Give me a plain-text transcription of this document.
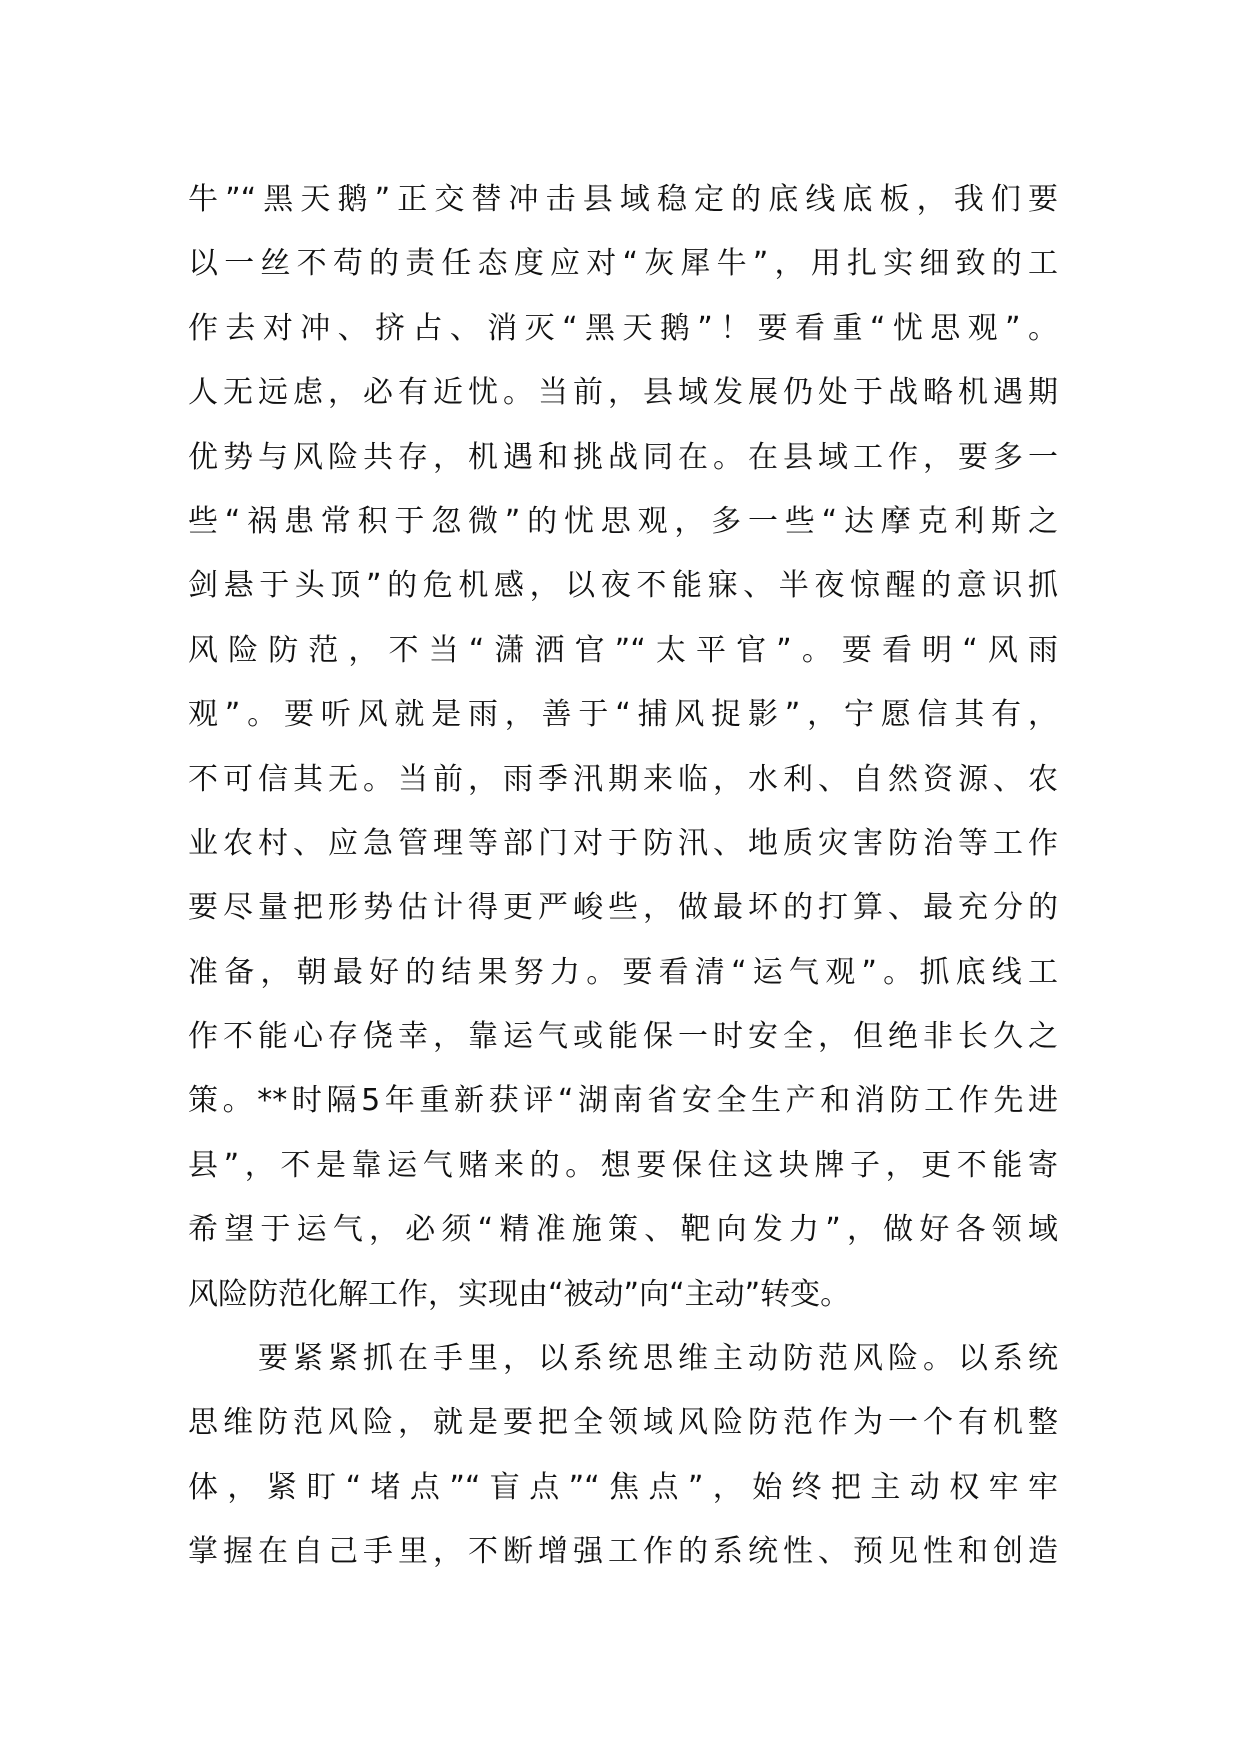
牛”“黑天鹅”正交替冲击县域稳定的底线底板，我们要
以一丝不苟的责任态度应对“灰犀牛”，用扎实细致的工
作去对冲、挤占、消灭“黑天鹅”！要看重“忧思观”。
人无远虑，必有近忧。当前，县域发展仍处于战略机遇期
优势与风险共存，机遇和挑战同在。在县域工作，要多一
些“祸患常积于忽微”的忧思观，多一些“达摩克利斯之
剑悬于头顶”的危机感，以夜不能寐、半夜惊醒的意识抓
风险防范，不当“潇洒官”“太平官”。要看明“风雨
观”。要听风就是雨，善于“捕风捉影”，宁愿信其有，
不可信其无。当前，雨季汛期来临，水利、自然资源、农
业农村、应急管理等部门对于防汛、地质灾害防治等工作
要尽量把形势估计得更严峻些，做最坏的打算、最充分的
准备，朝最好的结果努力。要看清“运气观”。抓底线工
作不能心存侥幸，靠运气或能保一时安全，但绝非长久之
策。**时隔5年重新获评“湖南省安全生产和消防工作先进
县”，不是靠运气赌来的。想要保住这块牌子，更不能寄
希望于运气，必须“精准施策、靶向发力”，做好各领域
风险防范化解工作，实现由“被动”向“主动”转变。
要紧紧抓在手里，以系统思维主动防范风险。以系统
思维防范风险，就是要把全领域风险防范作为一个有机整
体，紧盯“堵点”“盲点”“焦点”，始终把主动权牢牢
掌握在自己手里，不断增强工作的系统性、预见性和创造
